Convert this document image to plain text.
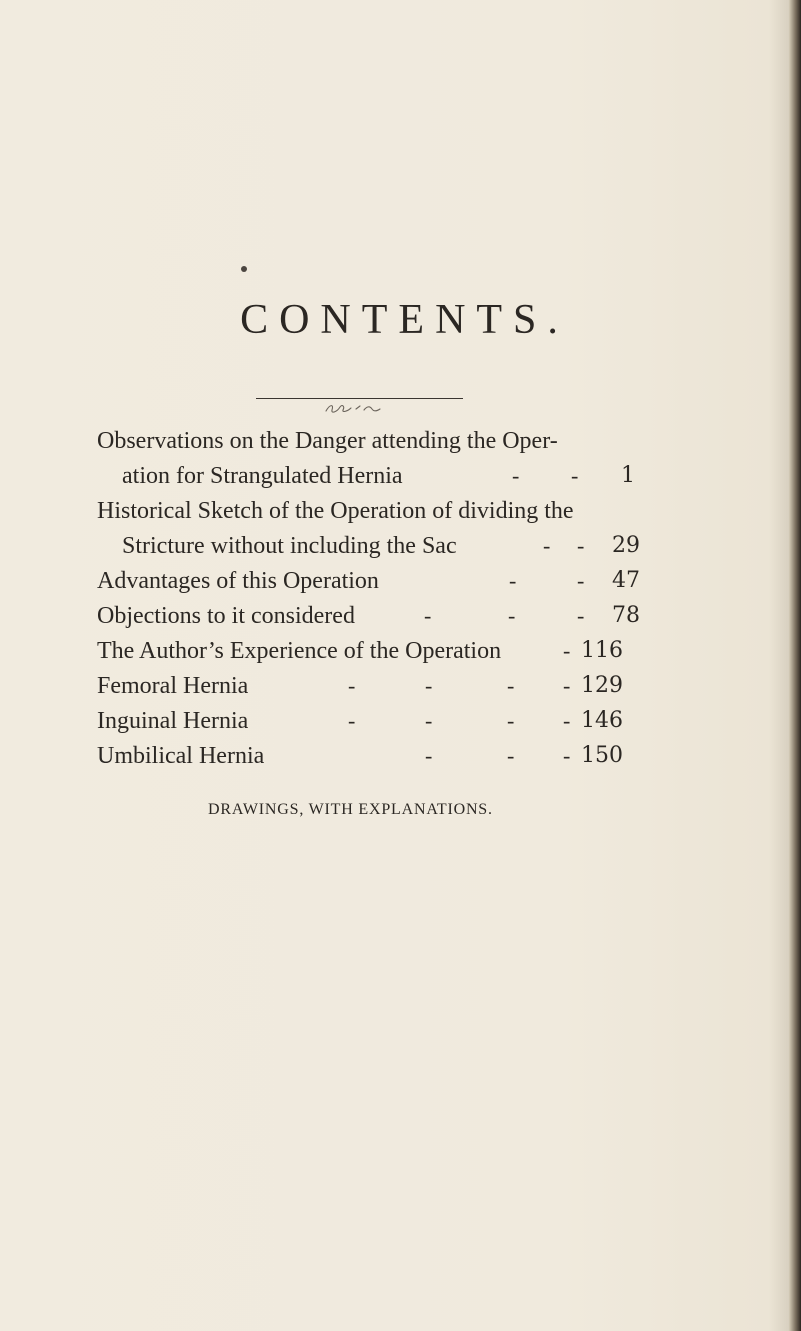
CONTENTS.
Observations on the Danger attending the Oper-
ation for Strangulated Hernia	- - 1
Historical Sketch of the Operation of dividing the
Stricture without including the Sac	- - 29
Advantages of this Operation	-	- 47
Objections to it considered	-	-	- 78
The Author’s Experience of the Operation	- 116
Femoral Hernia	-	-	- - 129
Inguinal Hernia	-	-	- - 146
Umbilical Hernia	-	- - 150
DRAWINGS, WITH EXPLANATIONS.
